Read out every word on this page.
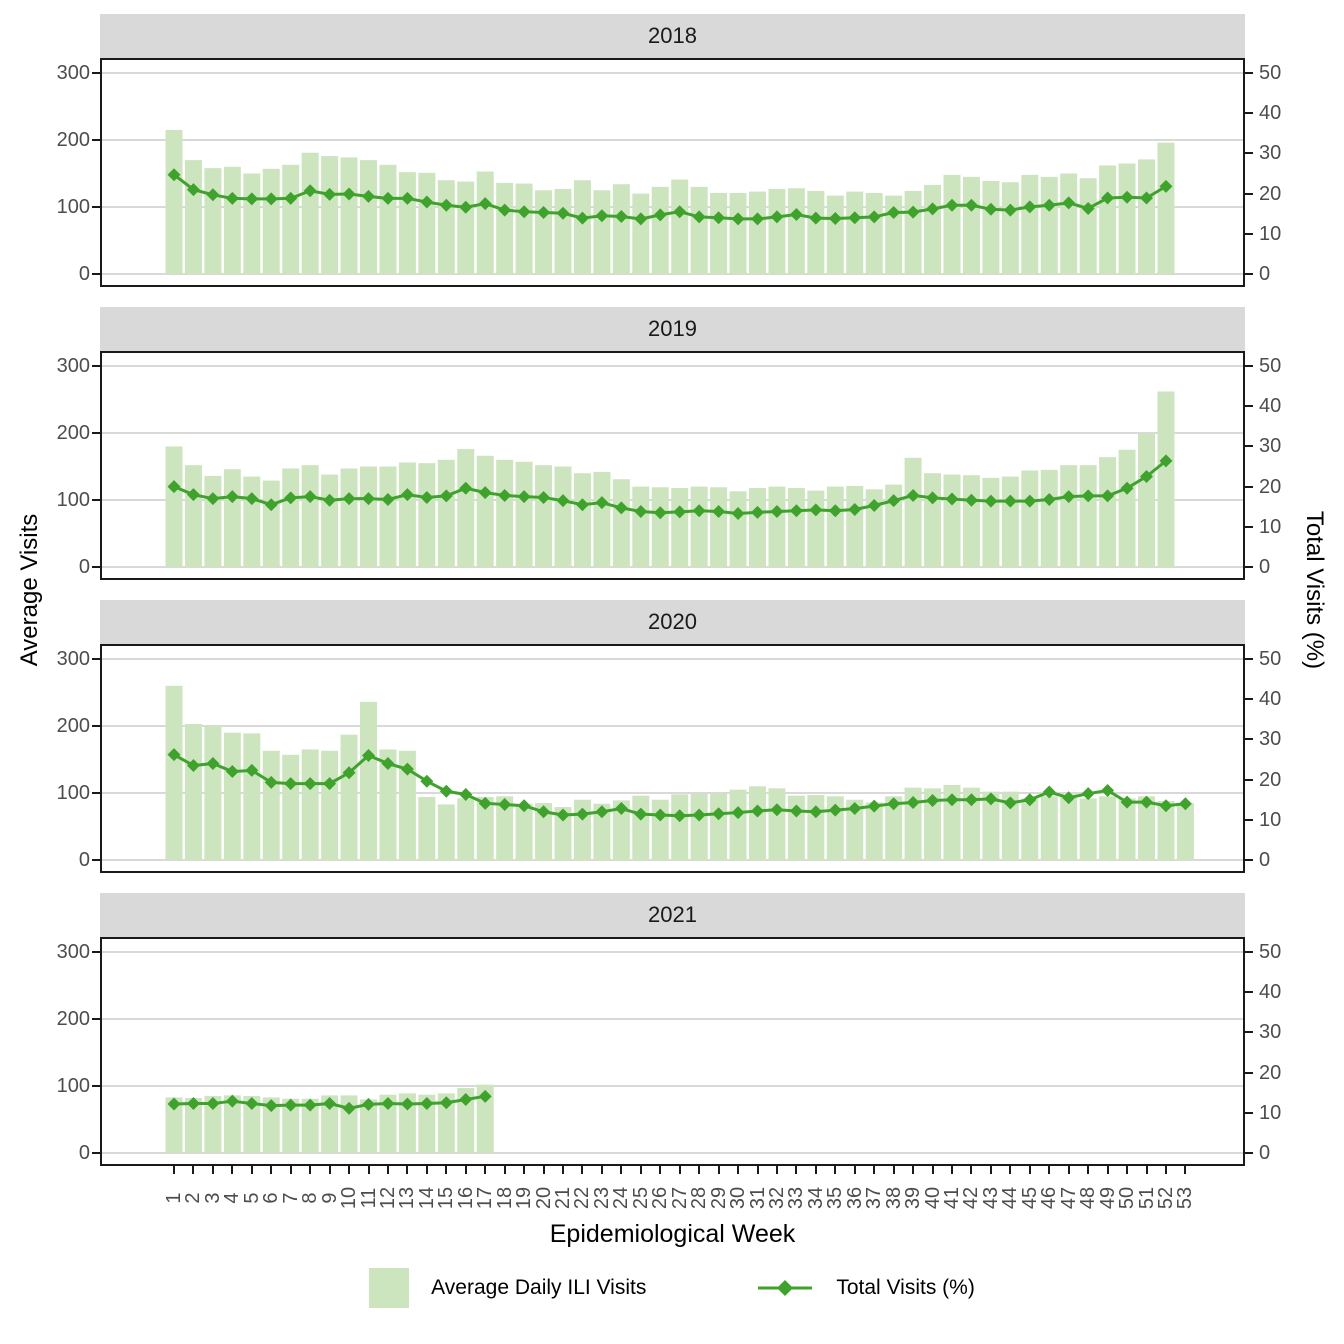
Average Visits	Total Visits (%)
2018
0
100
200
300
0
10
20
30
40
50
2019
0
100
200
300
0
10
20
30
40
50
2020
0
100
200
300
0
10
20
30
40
50
2021
0
100
200
300
0
10
20
30
40
50
1
2
3
4
5
6
7
8
9
10
11
12
13
14
15
16
17
18
19
20
21
22
23
24
25
26
27
28
29
30
31
32
33
34
35
36
37
38
39
40
41
42
43
44
45
46
47
48
49
50
51
52
53
Epidemiological Week
Average Daily ILI Visits	Total Visits (%)
